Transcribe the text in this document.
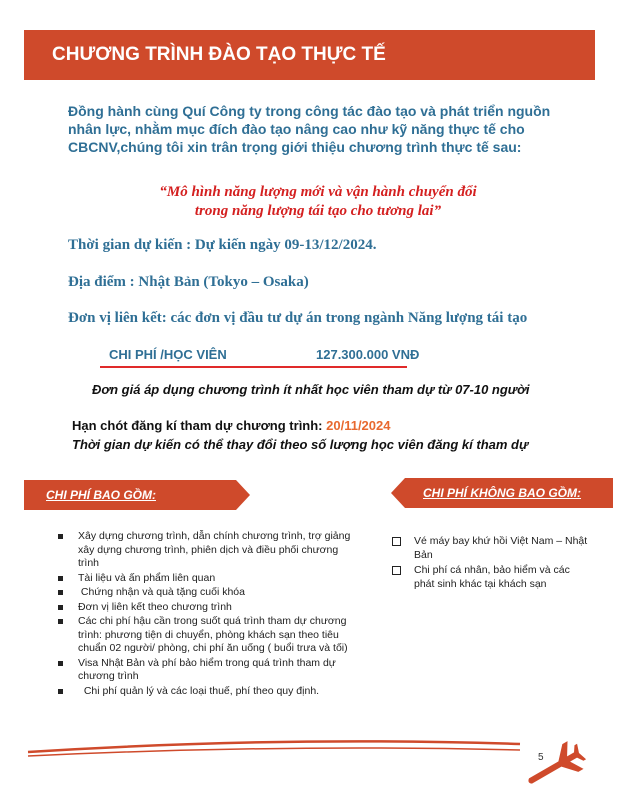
CHƯƠNG TRÌNH ĐÀO TẠO THỰC TẾ
Đồng hành cùng Quí Công ty trong công tác đào tạo và phát triển nguồn nhân lực, nhằm mục đích đào tạo nâng cao như kỹ năng thực tế cho CBCNV,chúng tôi xin trân trọng giới thiệu chương trình thực tế sau:
“Mô hình năng lượng mới và vận hành chuyển đổi
trong năng lượng tái tạo cho tương lai”
Thời gian dự kiến : Dự kiến ngày 09-13/12/2024.
Địa điểm : Nhật Bản (Tokyo – Osaka)
Đơn vị liên kết: các đơn vị đầu tư dự án trong ngành Năng lượng tái tạo
CHI PHÍ /HỌC VIÊN	127.300.000 VNĐ
Đơn giá áp dụng chương trình ít nhất học viên tham dự từ 07-10 người
Hạn chót đăng kí tham dự chương trình: 20/11/2024
Thời gian dự kiến có thể thay đổi theo số lượng học viên đăng kí tham dự
CHI PHÍ BAO GỒM:	CHI PHÍ KHÔNG BAO GỒM:
Xây dựng chương trình, dẫn chính chương trình, trợ giảng xây dựng chương trình, phiên dịch và điều phối chương trình
Tài liệu và ấn phẩm liên quan
Chứng nhận và quà tặng cuối khóa
Đơn vị liên kết theo chương trình
Các chi phí hậu cần trong suốt quá trình tham dự chương trình: phương tiện di chuyển, phòng khách sạn theo tiêu chuẩn 02 người/ phòng, chi phí ăn uống ( buổi trưa và tối)
Visa Nhật Bản và phí bảo hiểm trong quá trình tham dự chương trình
Chi phí quản lý và các loại thuế, phí theo quy định.
Vé máy bay khứ hồi Việt Nam – Nhật Bản
Chi phí cá nhân, bảo hiểm và các phát sinh khác tại khách sạn
5
